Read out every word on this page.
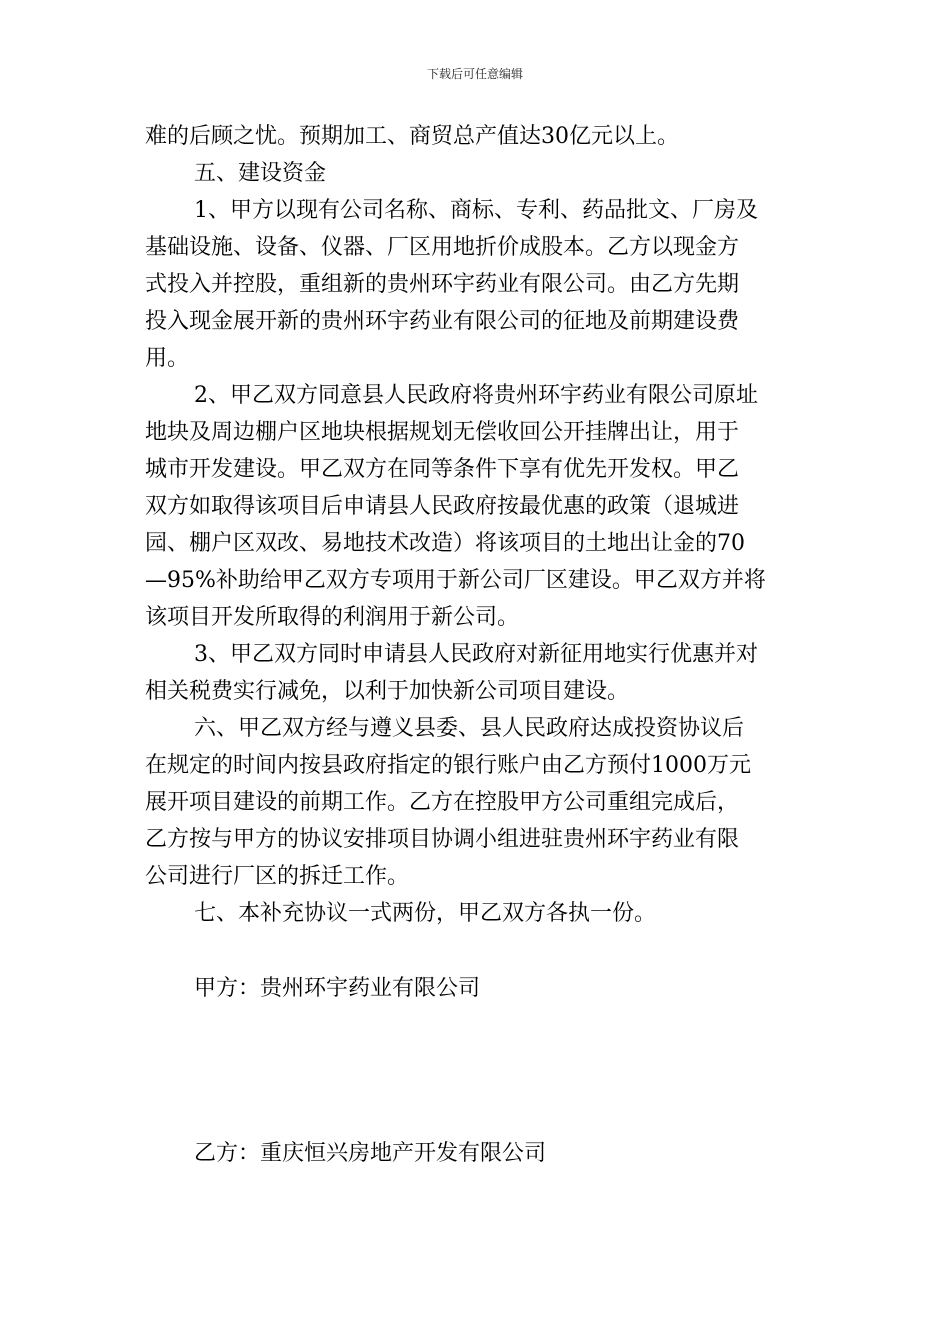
下载后可任意编辑
难的后顾之忧。预期加工、商贸总产值达30亿元以上。
五、建设资金
1、甲方以现有公司名称、商标、专利、药品批文、厂房及
基础设施、设备、仪器、厂区用地折价成股本。乙方以现金方
式投入并控股，重组新的贵州环宇药业有限公司。由乙方先期
投入现金展开新的贵州环宇药业有限公司的征地及前期建设费
用。
2、甲乙双方同意县人民政府将贵州环宇药业有限公司原址
地块及周边棚户区地块根据规划无偿收回公开挂牌出让，用于
城市开发建设。甲乙双方在同等条件下享有优先开发权。甲乙
双方如取得该项目后申请县人民政府按最优惠的政策（退城进
园、棚户区双改、易地技术改造）将该项目的土地出让金的70
—95%补助给甲乙双方专项用于新公司厂区建设。甲乙双方并将
该项目开发所取得的利润用于新公司。
3、甲乙双方同时申请县人民政府对新征用地实行优惠并对
相关税费实行减免，以利于加快新公司项目建设。
六、甲乙双方经与遵义县委、县人民政府达成投资协议后
在规定的时间内按县政府指定的银行账户由乙方预付1000万元
展开项目建设的前期工作。乙方在控股甲方公司重组完成后，
乙方按与甲方的协议安排项目协调小组进驻贵州环宇药业有限
公司进行厂区的拆迁工作。
七、本补充协议一式两份，甲乙双方各执一份。
甲方：贵州环宇药业有限公司
乙方：重庆恒兴房地产开发有限公司
